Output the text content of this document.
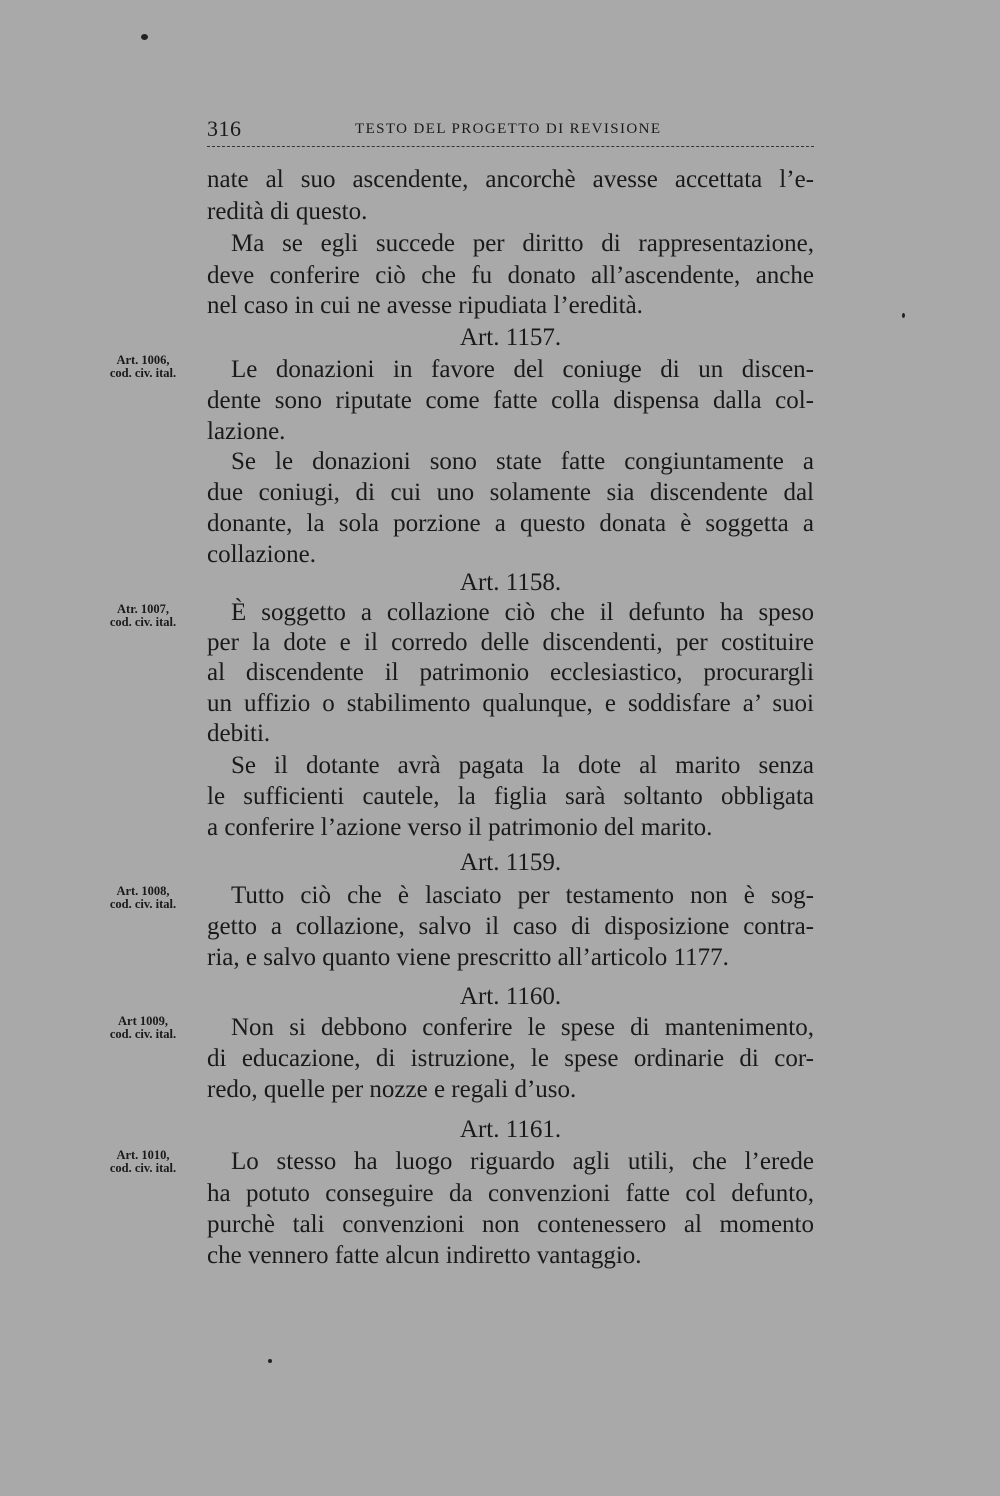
316	TESTO DEL PROGETTO DI REVISIONE
Art. 1006,
cod. civ. ital.
Atr. 1007,
cod. civ. ital.
Art. 1008,
cod. civ. ital.
Art 1009,
cod. civ. ital.
Art. 1010,
cod. civ. ital.
nate al suo ascendente, ancorchè avesse accettata l’e-
redità di questo.
Ma se egli succede per diritto di rappresentazione,
deve conferire ciò che fu donato all’ascendente, anche
nel caso in cui ne avesse ripudiata l’eredità.
Art. 1157.
Le donazioni in favore del coniuge di un discen-
dente sono riputate come fatte colla dispensa dalla col-
lazione.
Se le donazioni sono state fatte congiuntamente a
due coniugi, di cui uno solamente sia discendente dal
donante, la sola porzione a questo donata è soggetta a
collazione.
Art. 1158.
È soggetto a collazione ciò che il defunto ha speso
per la dote e il corredo delle discendenti, per costituire
al discendente il patrimonio ecclesiastico, procurargli
un uffizio o stabilimento qualunque, e soddisfare a’ suoi
debiti.
Se il dotante avrà pagata la dote al marito senza
le sufficienti cautele, la figlia sarà soltanto obbligata
a conferire l’azione verso il patrimonio del marito.
Art. 1159.
Tutto ciò che è lasciato per testamento non è sog-
getto a collazione, salvo il caso di disposizione contra-
ria, e salvo quanto viene prescritto all’articolo 1177.
Art. 1160.
Non si debbono conferire le spese di mantenimento,
di educazione, di istruzione, le spese ordinarie di cor-
redo, quelle per nozze e regali d’uso.
Art. 1161.
Lo stesso ha luogo riguardo agli utili, che l’erede
ha potuto conseguire da convenzioni fatte col defunto,
purchè tali convenzioni non contenessero al momento
che vennero fatte alcun indiretto vantaggio.
